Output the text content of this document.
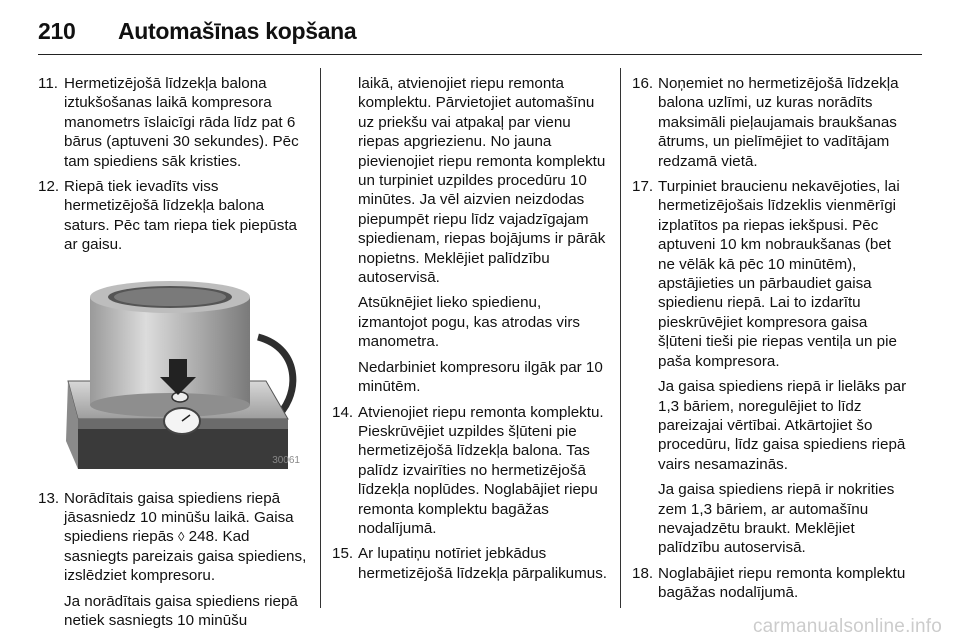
210 Automašīnas kopšana
11. Hermetizējošā līdzekļa balona iztukšošanas laikā kompresora manometrs īslaicīgi rāda līdz pat 6 bārus (aptuveni 30 sekundes). Pēc tam spiediens sāk kristies.
12. Riepā tiek ievadīts viss hermetizējošā līdzekļa balona saturs. Pēc tam riepa tiek piepūsta ar gaisu.
30061
13. Norādītais gaisa spiediens riepā jāsasniedz 10 minūšu laikā. Gaisa spiediens riepās ◊ 248. Kad sasniegts pareizais gaisa spiediens, izslēdziet kompresoru.
Ja norādītais gaisa spiediens riepā netiek sasniegts 10 minūšu
laikā, atvienojiet riepu remonta komplektu. Pārvietojiet automašīnu uz priekšu vai atpakaļ par vienu riepas apgriezienu. No jauna pievienojiet riepu remonta komplektu un turpiniet uzpildes procedūru 10 minūtes. Ja vēl aizvien neizdodas piepumpēt riepu līdz vajadzīgajam spiedienam, riepas bojājums ir pārāk nopietns. Meklējiet palīdzību autoservisā.
Atsūknējiet lieko spiedienu, izmantojot pogu, kas atrodas virs manometra.
Nedarbiniet kompresoru ilgāk par 10 minūtēm.
14. Atvienojiet riepu remonta komplektu. Pieskrūvējiet uzpildes šļūteni pie hermetizējošā līdzekļa balona. Tas palīdz izvairīties no hermetizējošā līdzekļa noplūdes. Noglabājiet riepu remonta komplektu bagāžas nodalījumā.
15. Ar lupatiņu notīriet jebkādus hermetizējošā līdzekļa pārpalikumus.
16. Noņemiet no hermetizējošā līdzekļa balona uzlīmi, uz kuras norādīts maksimāli pieļaujamais braukšanas ātrums, un pielīmējiet to vadītājam redzamā vietā.
17. Turpiniet braucienu nekavējoties, lai hermetizējošais līdzeklis vienmērīgi izplatītos pa riepas iekšpusi. Pēc aptuveni 10 km nobraukšanas (bet ne vēlāk kā pēc 10 minūtēm), apstājieties un pārbaudiet gaisa spiedienu riepā. Lai to izdarītu pieskrūvējiet kompresora gaisa šļūteni tieši pie riepas ventiļa un pie paša kompresora.
Ja gaisa spiediens riepā ir lielāks par 1,3 bāriem, noregulējiet to līdz pareizajai vērtībai. Atkārtojiet šo procedūru, līdz gaisa spiediens riepā vairs nesamazinās.
Ja gaisa spiediens riepā ir nokrities zem 1,3 bāriem, ar automašīnu nevajadzētu braukt. Meklējiet palīdzību autoservisā.
18. Noglabājiet riepu remonta komplektu bagāžas nodalījumā.
carmanualsonline.info
